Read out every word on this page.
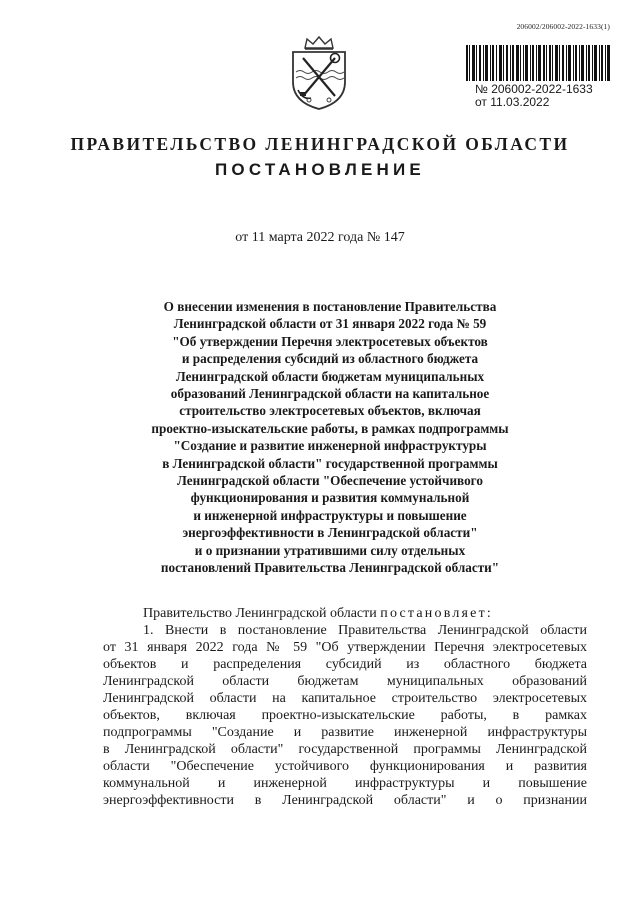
206002/206002-2022-1633(1)
№ 206002-2022-1633
от 11.03.2022
ПРАВИТЕЛЬСТВО ЛЕНИНГРАДСКОЙ ОБЛАСТИ
ПОСТАНОВЛЕНИЕ
от 11 марта 2022 года № 147
О внесении изменения в постановление Правительства
Ленинградской области от 31 января 2022 года № 59
"Об утверждении Перечня электросетевых объектов
и распределения субсидий из областного бюджета
Ленинградской области бюджетам муниципальных
образований Ленинградской области на капитальное
строительство электросетевых объектов, включая
проектно-изыскательские работы, в рамках подпрограммы
"Создание и развитие инженерной инфраструктуры
в Ленинградской области" государственной программы
Ленинградской области "Обеспечение устойчивого
функционирования и развития коммунальной
и инженерной инфраструктуры и повышение
энергоэффективности в Ленинградской области"
и о признании утратившими силу отдельных
постановлений Правительства Ленинградской области"
Правительство Ленинградской области постановляет:
1. Внести в постановление Правительства Ленинградской области
от 31 января 2022 года № 59 "Об утверждении Перечня электросетевых
объектов и распределения субсидий из областного бюджета
Ленинградской области бюджетам муниципальных образований
Ленинградской области на капитальное строительство электросетевых
объектов, включая проектно-изыскательские работы, в рамках
подпрограммы "Создание и развитие инженерной инфраструктуры
в Ленинградской области" государственной программы Ленинградской
области "Обеспечение устойчивого функционирования и развития
коммунальной и инженерной инфраструктуры и повышение
энергоэффективности в Ленинградской области" и о признании
